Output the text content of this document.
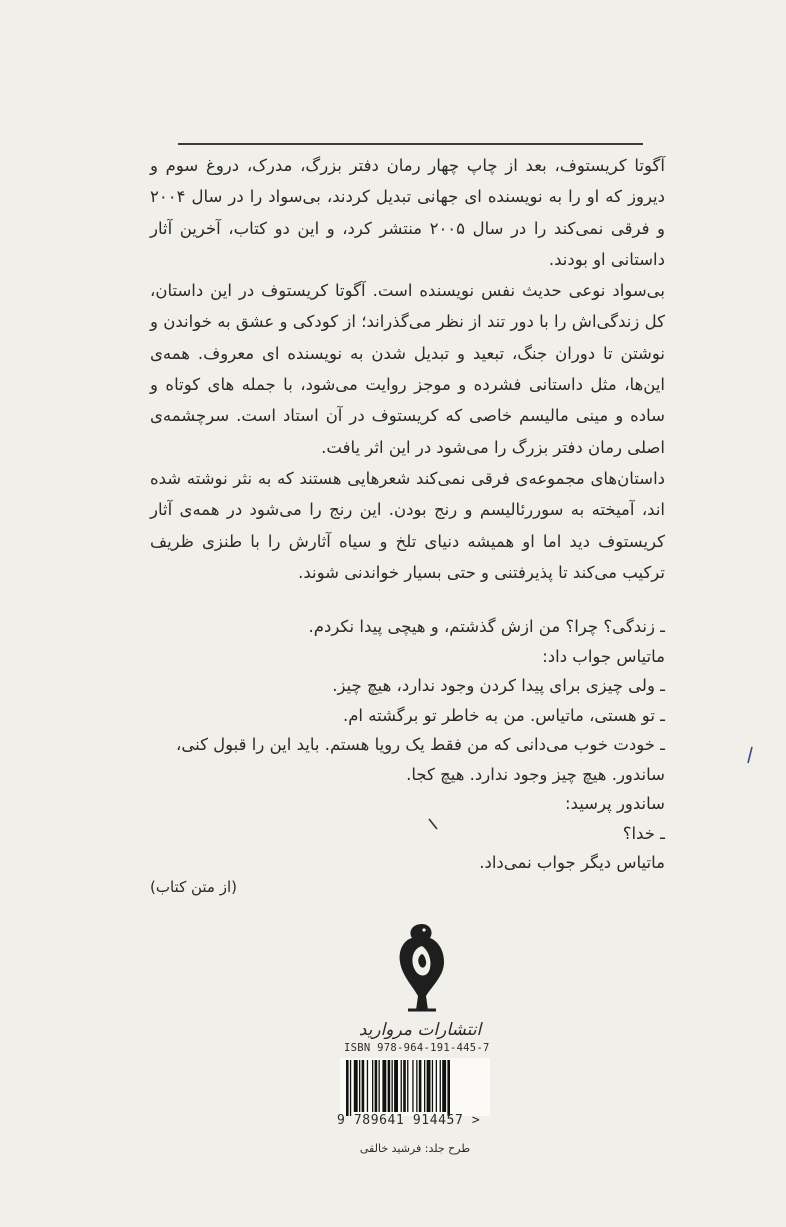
آگوتا کریستوف، بعد از چاپ چهار رمان دفتر بزرگ، مدرک، دروغ سوم و دیروز که او را به نویسنده ای جهانی تبدیل کردند، بی‌سواد را در سال ۲۰۰۴ و فرقی نمی‌کند را در سال ۲۰۰۵ منتشر کرد، و این دو کتاب، آخرین آثار داستانی او بودند.

بی‌سواد نوعی حدیث نفس نویسنده است. آگوتا کریستوف در این داستان، کل زندگی‌اش را با دور تند از نظر می‌گذراند؛ از کودکی و عشق به خواندن و نوشتن تا دوران جنگ، تبعید و تبدیل شدن به نویسنده ای معروف. همه‌ی این‌ها، مثل داستانی فشرده و موجز روایت می‌شود، با جمله های کوتاه و ساده و مینی مالیسم خاصی که کریستوف در آن استاد است. سرچشمه‌ی اصلی رمان دفتر بزرگ را می‌شود در این اثر یافت.

داستان‌های مجموعه‌ی فرقی نمی‌کند شعرهایی هستند که به نثر نوشته شده اند، آمیخته به سوررئالیسم و رنج بودن. این رنج را می‌شود در همه‌ی آثار کریستوف دید اما او همیشه دنیای تلخ و سیاه آثارش را با طنزی ظریف ترکیب می‌کند تا پذیرفتنی و حتی بسیار خواندنی شوند.

ـ زندگی؟ چرا؟ من ازش گذشتم، و هیچی پیدا نکردم.
ماتیاس جواب داد:
ـ ولی چیزی برای پیدا کردن وجود ندارد، هیچ چیز.
ـ تو هستی، ماتیاس. من به خاطر تو برگشته ام.
ـ خودت خوب می‌دانی که من فقط یک رویا هستم. باید این را قبول کنی،
ساندور. هیچ چیز وجود ندارد. هیچ کجا.
ساندور پرسید:
ـ خدا؟
ماتیاس دیگر جواب نمی‌داد.
(از متن کتاب)
انتشارات مروارید
ISBN 978-964-191-445-7
9 789641 914457 >
طرح جلد: فرشید خالقی
